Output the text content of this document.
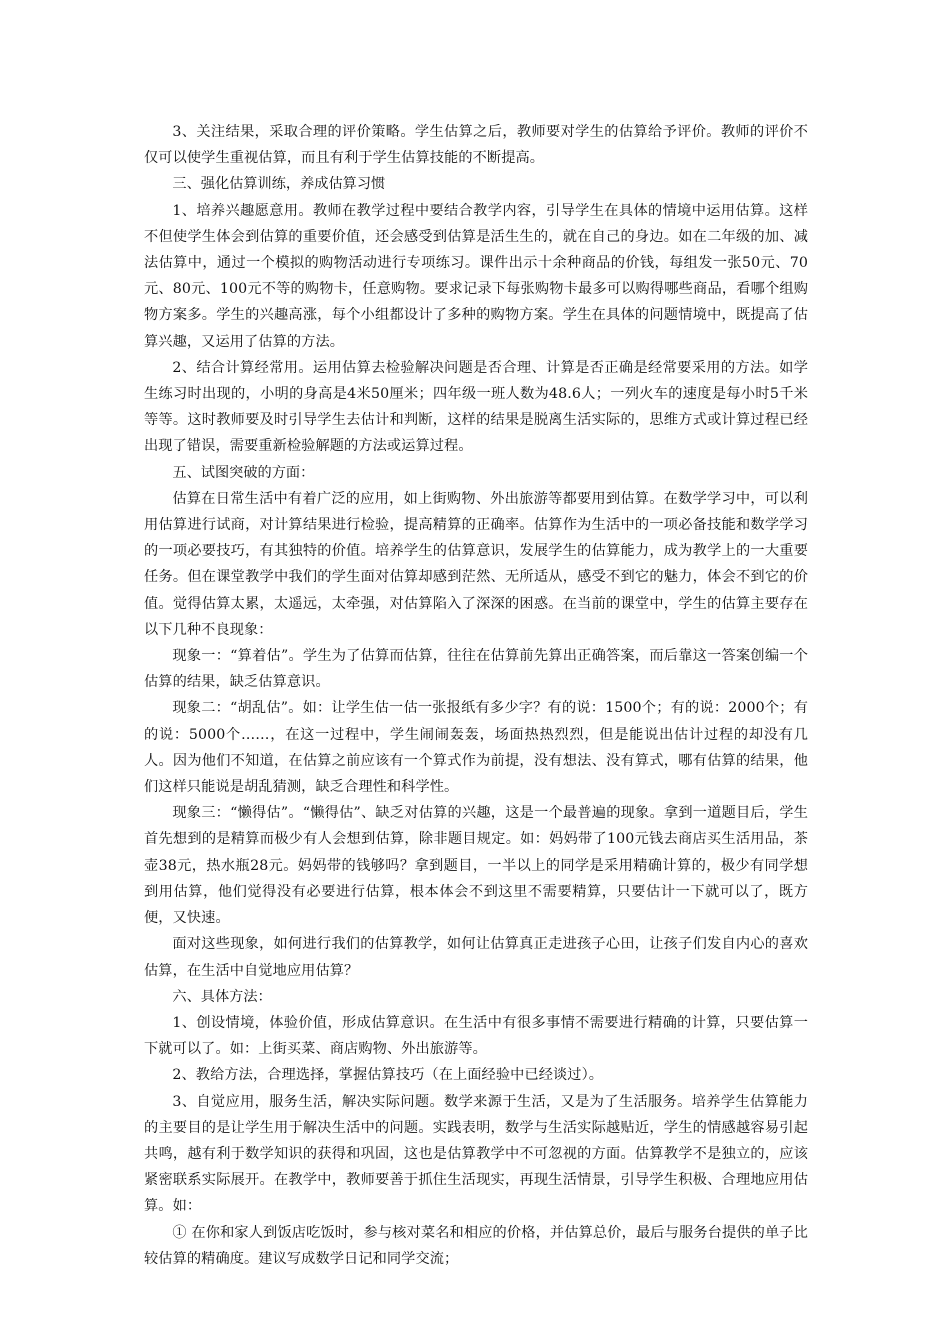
3、关注结果，采取合理的评价策略。学生估算之后，教师要对学生的估算给予评价。教师的评价不仅可以使学生重视估算，而且有利于学生估算技能的不断提高。

三、强化估算训练，养成估算习惯

1、培养兴趣愿意用。教师在教学过程中要结合教学内容，引导学生在具体的情境中运用估算。这样不但使学生体会到估算的重要价值，还会感受到估算是活生生的，就在自己的身边。如在二年级的加、减法估算中，通过一个模拟的购物活动进行专项练习。课件出示十余种商品的价钱，每组发一张50元、70元、80元、100元不等的购物卡，任意购物。要求记录下每张购物卡最多可以购得哪些商品，看哪个组购物方案多。学生的兴趣高涨，每个小组都设计了多种的购物方案。学生在具体的问题情境中，既提高了估算兴趣，又运用了估算的方法。

2、结合计算经常用。运用估算去检验解决问题是否合理、计算是否正确是经常要采用的方法。如学生练习时出现的，小明的身高是4米50厘米；四年级一班人数为48.6人；一列火车的速度是每小时5千米等等。这时教师要及时引导学生去估计和判断，这样的结果是脱离生活实际的，思维方式或计算过程已经出现了错误，需要重新检验解题的方法或运算过程。

五、试图突破的方面：

估算在日常生活中有着广泛的应用，如上街购物、外出旅游等都要用到估算。在数学学习中，可以利用估算进行试商，对计算结果进行检验，提高精算的正确率。估算作为生活中的一项必备技能和数学学习的一项必要技巧，有其独特的价值。培养学生的估算意识，发展学生的估算能力，成为教学上的一大重要任务。但在课堂教学中我们的学生面对估算却感到茫然、无所适从，感受不到它的魅力，体会不到它的价值。觉得估算太累，太遥远，太牵强，对估算陷入了深深的困惑。在当前的课堂中，学生的估算主要存在以下几种不良现象：

现象一：“算着估”。学生为了估算而估算，往往在估算前先算出正确答案，而后靠这一答案创编一个估算的结果，缺乏估算意识。

现象二：“胡乱估”。如：让学生估一估一张报纸有多少字？有的说：1500个；有的说：2000个；有的说：5000个……，在这一过程中，学生闹闹轰轰，场面热热烈烈，但是能说出估计过程的却没有几人。因为他们不知道，在估算之前应该有一个算式作为前提，没有想法、没有算式，哪有估算的结果，他们这样只能说是胡乱猜测，缺乏合理性和科学性。

现象三：“懒得估”。“懒得估”、缺乏对估算的兴趣，这是一个最普遍的现象。拿到一道题目后，学生首先想到的是精算而极少有人会想到估算，除非题目规定。如：妈妈带了100元钱去商店买生活用品，茶壶38元，热水瓶28元。妈妈带的钱够吗？拿到题目，一半以上的同学是采用精确计算的，极少有同学想到用估算，他们觉得没有必要进行估算，根本体会不到这里不需要精算，只要估计一下就可以了，既方便，又快速。

面对这些现象，如何进行我们的估算教学，如何让估算真正走进孩子心田，让孩子们发自内心的喜欢估算，在生活中自觉地应用估算？

六、具体方法：

1、创设情境，体验价值，形成估算意识。在生活中有很多事情不需要进行精确的计算，只要估算一下就可以了。如：上街买菜、商店购物、外出旅游等。

2、教给方法，合理选择，掌握估算技巧（在上面经验中已经谈过）。

3、自觉应用，服务生活，解决实际问题。数学来源于生活，又是为了生活服务。培养学生估算能力的主要目的是让学生用于解决生活中的问题。实践表明，数学与生活实际越贴近，学生的情感越容易引起共鸣，越有利于数学知识的获得和巩固，这也是估算教学中不可忽视的方面。估算教学不是独立的，应该紧密联系实际展开。在教学中，教师要善于抓住生活现实，再现生活情景，引导学生积极、合理地应用估算。如：

① 在你和家人到饭店吃饭时，参与核对菜名和相应的价格，并估算总价，最后与服务台提供的单子比较估算的精确度。建议写成数学日记和同学交流；
